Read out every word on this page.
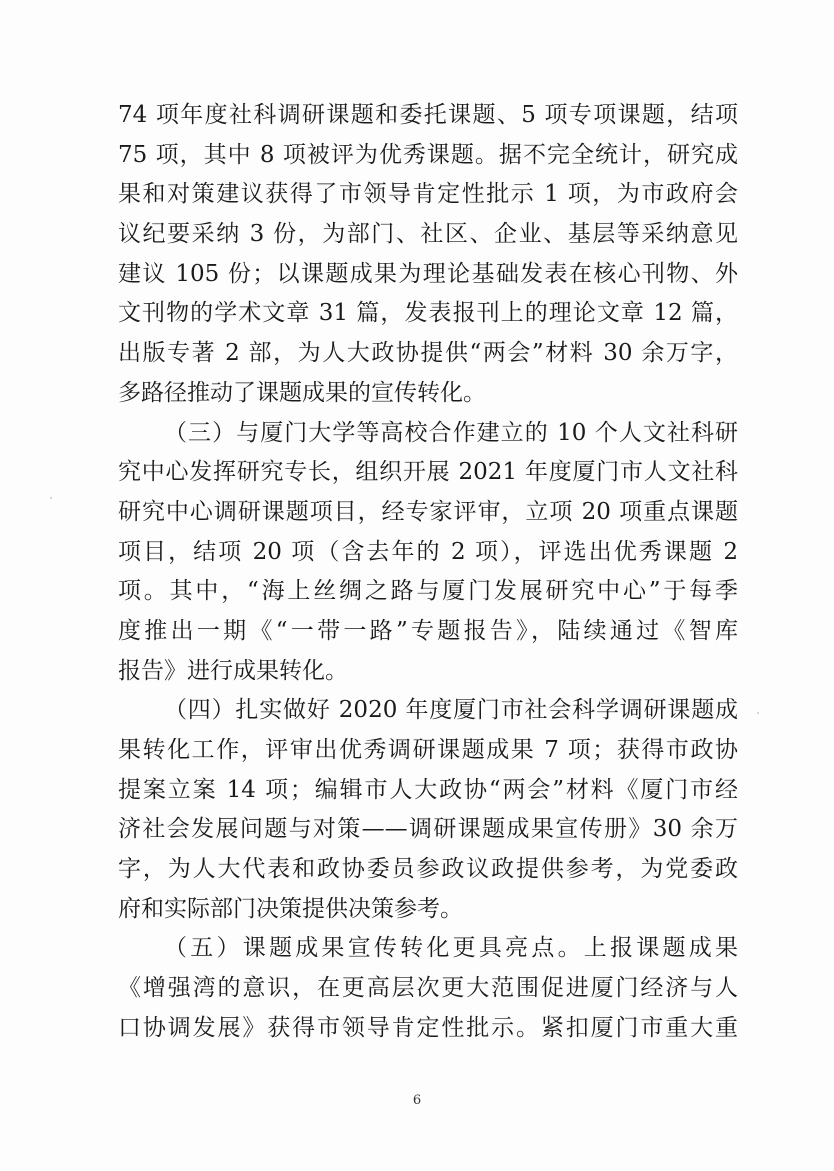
74 项年度社科调研课题和委托课题、5 项专项课题，结项
75 项，其中 8 项被评为优秀课题。据不完全统计，研究成
果和对策建议获得了市领导肯定性批示 1 项，为市政府会
议纪要采纳 3 份，为部门、社区、企业、基层等采纳意见
建议 105 份；以课题成果为理论基础发表在核心刊物、外
文刊物的学术文章 31 篇，发表报刊上的理论文章 12 篇，
出版专著 2 部，为人大政协提供“两会”材料 30 余万字，
多路径推动了课题成果的宣传转化。
（三）与厦门大学等高校合作建立的 10 个人文社科研
究中心发挥研究专长，组织开展 2021 年度厦门市人文社科
研究中心调研课题项目，经专家评审，立项 20 项重点课题
项目，结项 20 项（含去年的 2 项），评选出优秀课题 2
项。其中，“海上丝绸之路与厦门发展研究中心”于每季
度推出一期《“一带一路”专题报告》，陆续通过《智库
报告》进行成果转化。
（四）扎实做好 2020 年度厦门市社会科学调研课题成
果转化工作，评审出优秀调研课题成果 7 项；获得市政协
提案立案 14 项；编辑市人大政协“两会”材料《厦门市经
济社会发展问题与对策——调研课题成果宣传册》30 余万
字，为人大代表和政协委员参政议政提供参考，为党委政
府和实际部门决策提供决策参考。
（五）课题成果宣传转化更具亮点。上报课题成果
《增强湾的意识，在更高层次更大范围促进厦门经济与人
口协调发展》获得市领导肯定性批示。紧扣厦门市重大重
6
